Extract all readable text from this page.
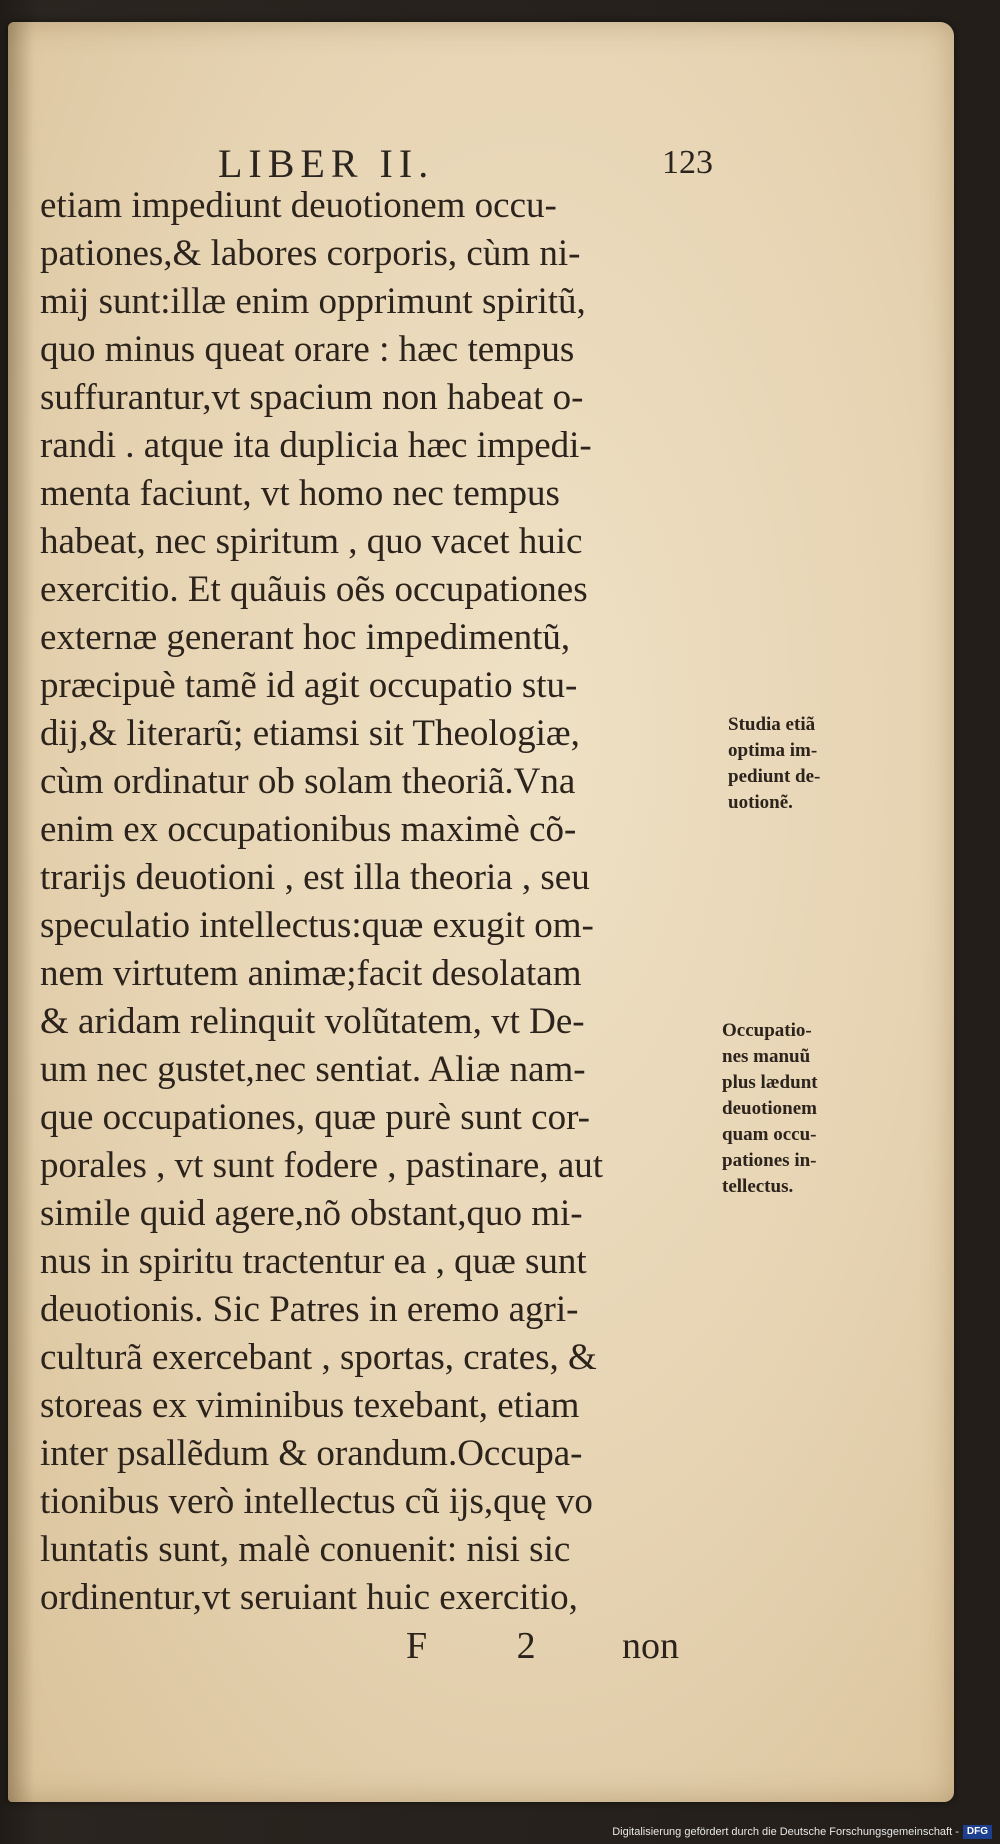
LIBER II.	123
etiam impediunt deuotionem occu-
pationes,& labores corporis, cùm ni-
mij sunt:illæ enim opprimunt spiritũ,
quo minus queat orare : hæc tempus
suffurantur,vt spacium non habeat o-
randi . atque ita duplicia hæc impedi-
menta faciunt, vt homo nec tempus
habeat, nec spiritum , quo vacet huic
exercitio. Et quãuis oẽs occupationes
externæ generant hoc impedimentũ,
præcipuè tamẽ id agit occupatio stu-
dij,& literarũ; etiamsi sit Theologiæ,
cùm ordinatur ob solam theoriã.Vna
enim ex occupationibus maximè cõ-
trarijs deuotioni , est illa theoria , seu
speculatio intellectus:quæ exugit om-
nem virtutem animæ;facit desolatam
& aridam relinquit volũtatem, vt De-
um nec gustet,nec sentiat. Aliæ nam-
que occupationes, quæ purè sunt cor-
porales , vt sunt fodere , pastinare, aut
simile quid agere,nõ obstant,quo mi-
nus in spiritu tractentur ea , quæ sunt
deuotionis. Sic Patres in eremo agri-
culturã exercebant , sportas, crates, &
storeas ex viminibus texebant, etiam
inter psallẽdum & orandum.Occupa-
tionibus verò intellectus cũ ijs,quę vo
luntatis sunt, malè conuenit: nisi sic
ordinentur,vt seruiant huic exercitio,
Studia etiã
optima im-
pediunt de-
uotionẽ.
Occupatio-
nes manuũ
plus lædunt
deuotionem
quam occu-
pationes in-
tellectus.
F 2 non
Digitalisierung gefördert durch die Deutsche Forschungsgemeinschaft - DFG
